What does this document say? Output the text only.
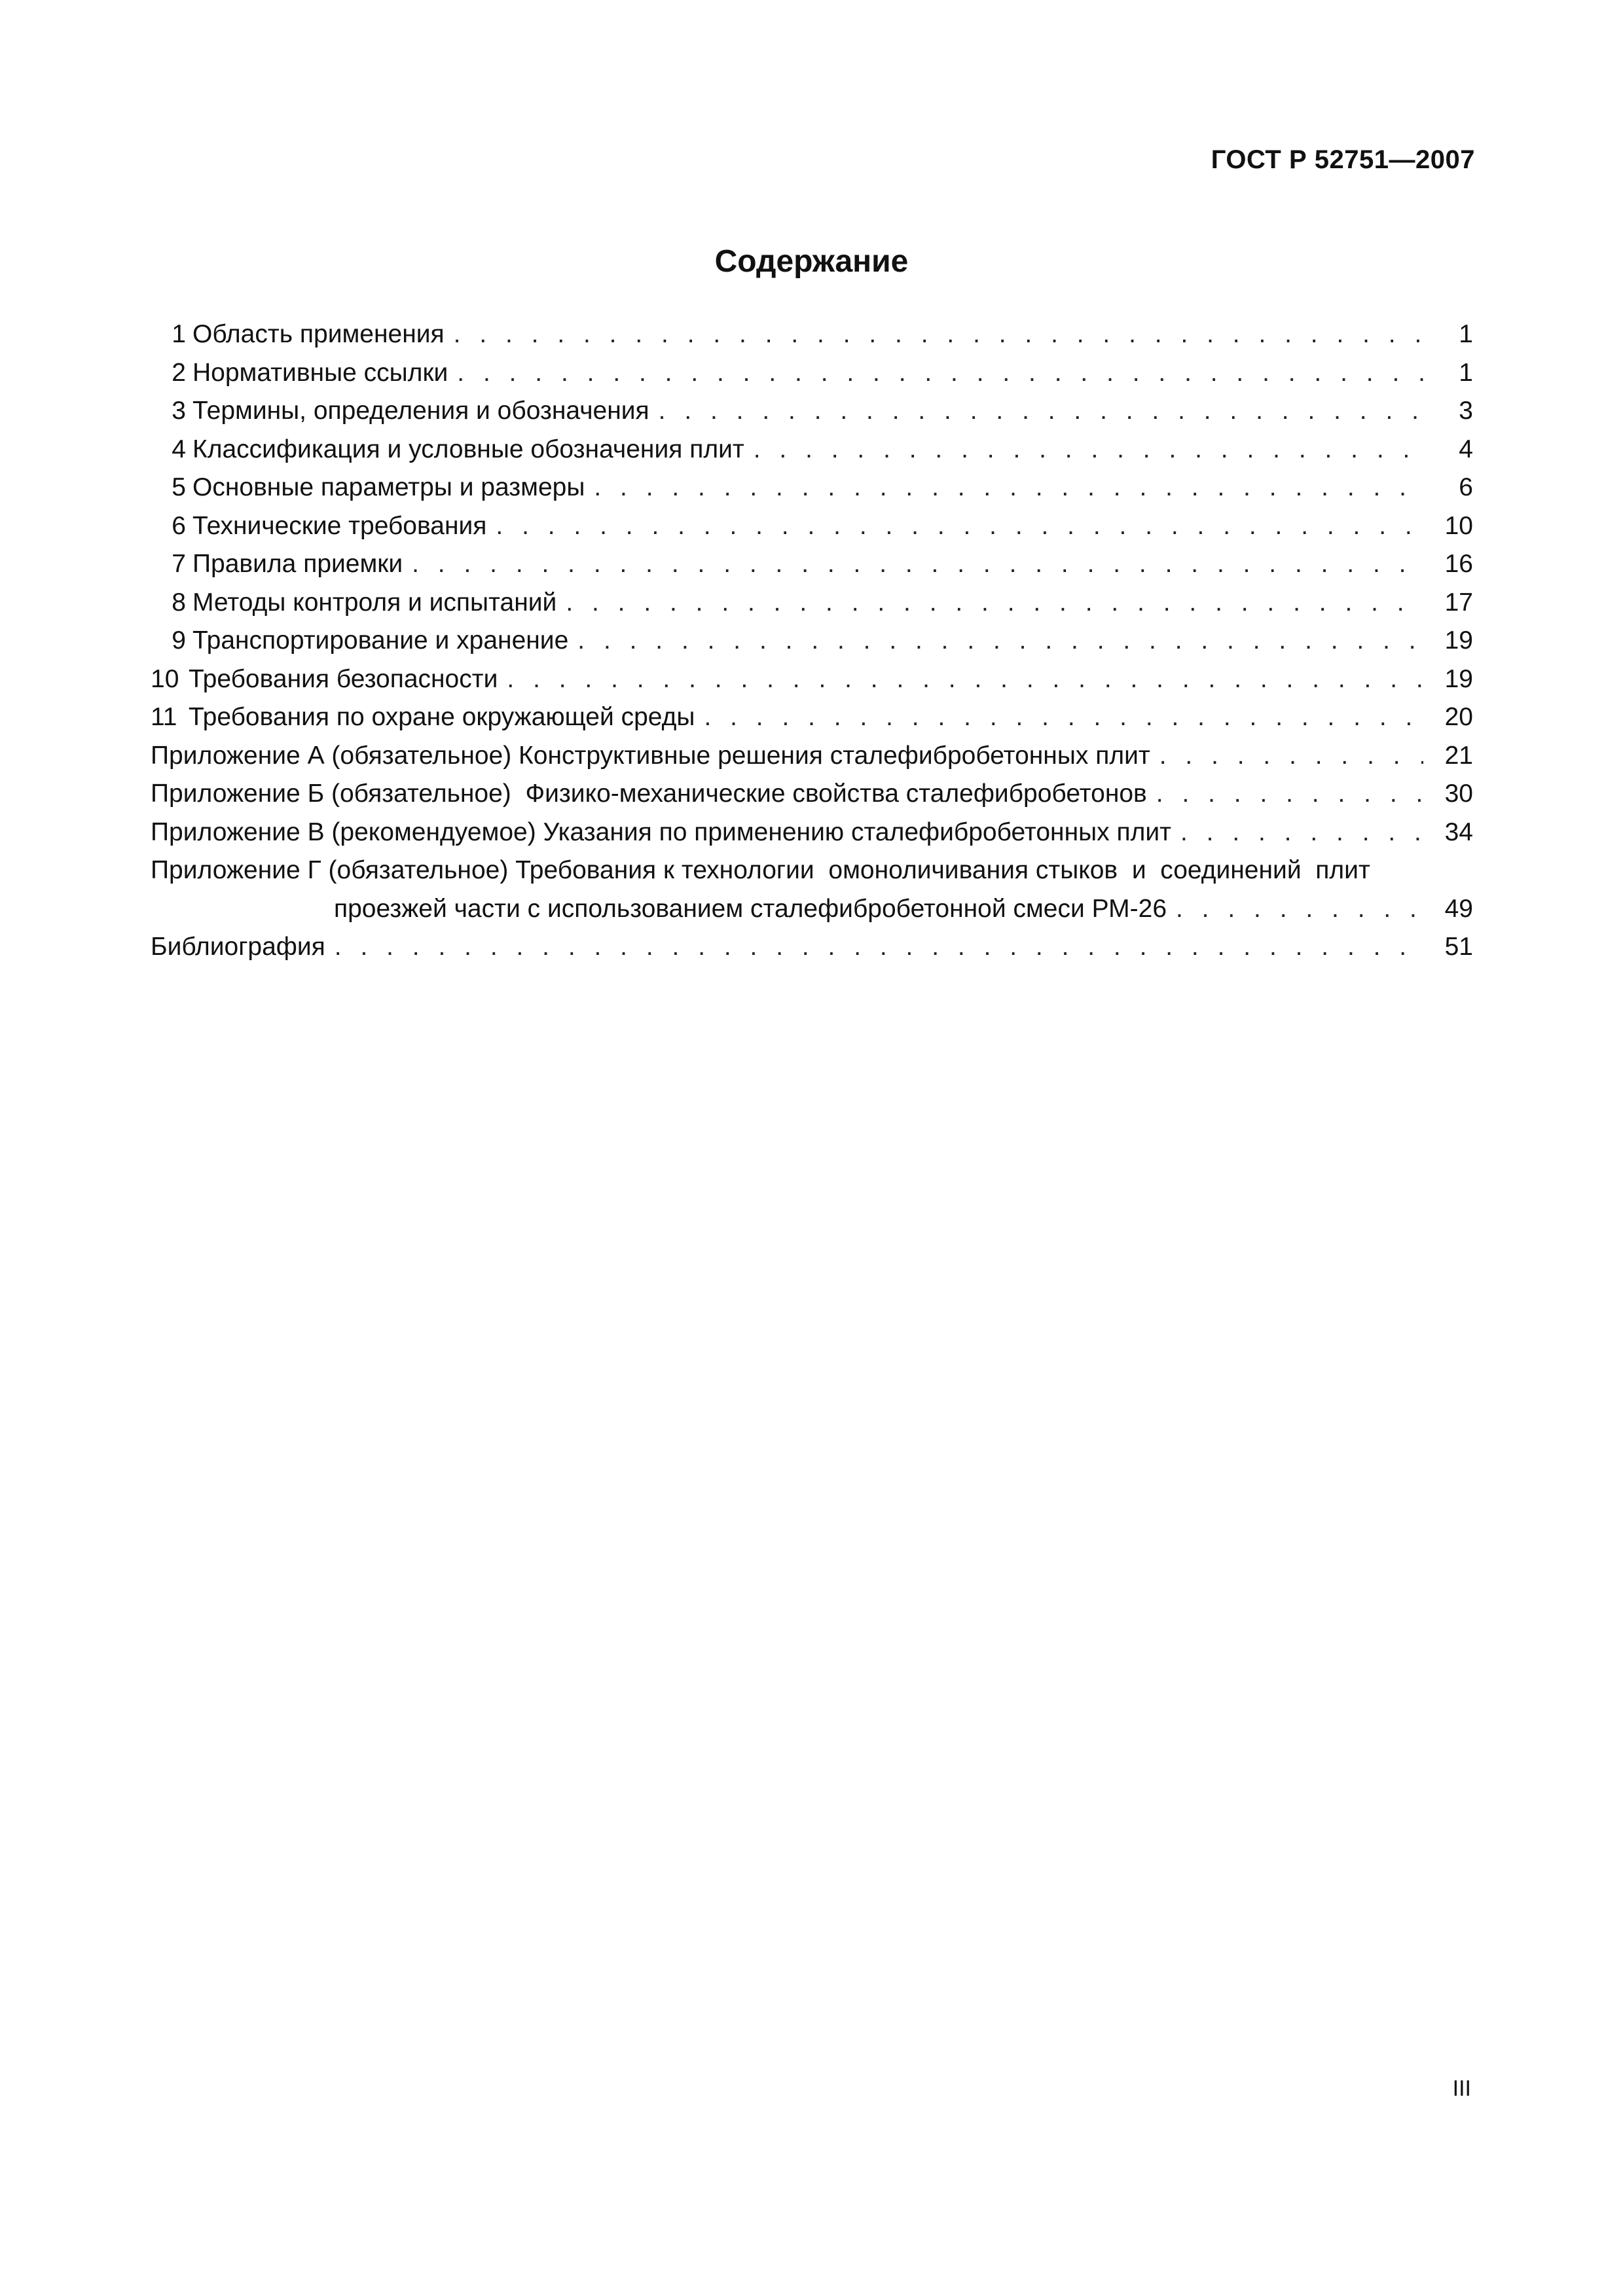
ГОСТ Р 52751—2007
Содержание
1 Область применения . . .	1
2 Нормативные ссылки . . .	1
3 Термины, определения и обозначения . . .	3
4 Классификация и условные обозначения плит . . .	4
5 Основные параметры и размеры . . .	6
6 Технические требования . . .	10
7 Правила приемки . . .	16
8 Методы контроля и испытаний . . .	17
9 Транспортирование и хранение . . .	19
10 Требования безопасности . . .	19
11 Требования по охране окружающей среды . . .	20
Приложение А (обязательное) Конструктивные решения сталефибробетонных плит . . .	21
Приложение Б (обязательное)  Физико-механические свойства сталефибробетонов . . .	30
Приложение В (рекомендуемое) Указания по применению сталефибробетонных плит . . .	34
Приложение Г (обязательное) Требования к технологии  омоноличивания стыков  и  соединений  плит
проезжей части с использованием сталефибробетонной смеси РМ-26 . . .	49
Библиография . . .	51
III
